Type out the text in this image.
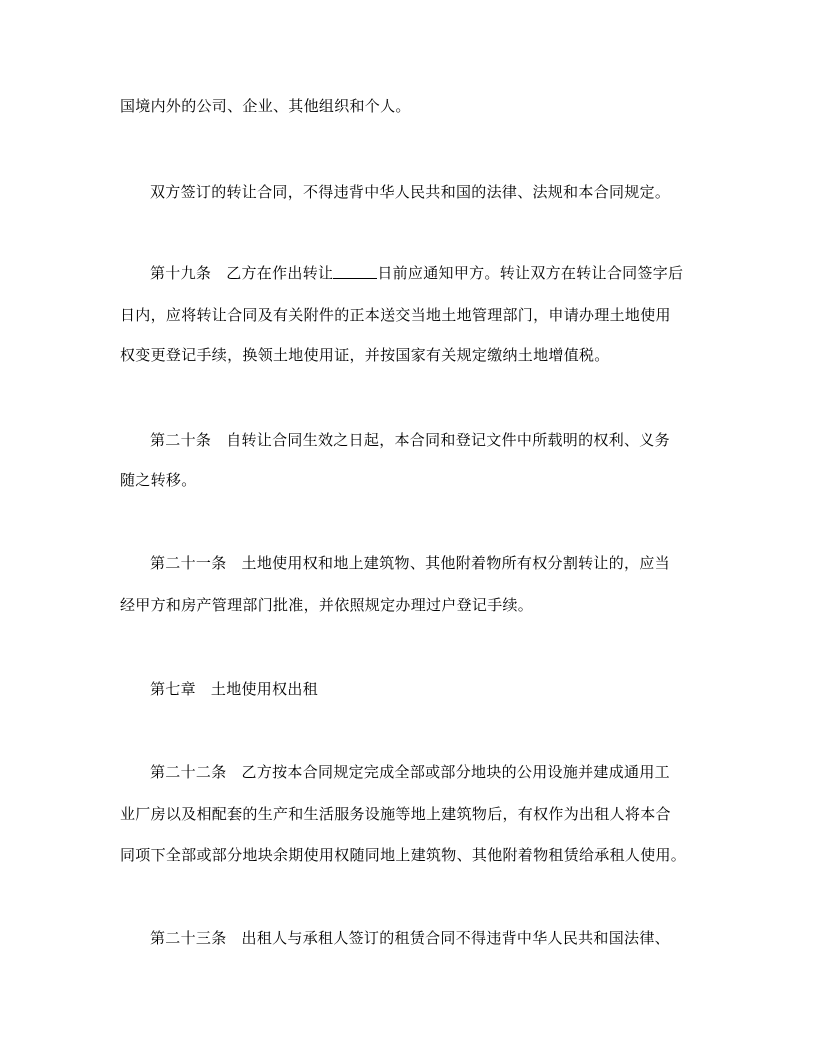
国境内外的公司、企业、其他组织和个人。
双方签订的转让合同，不得违背中华人民共和国的法律、法规和本合同规定。
第十九条 乙方在作出转让	日前应通知甲方。转让双方在转让合同签字后
日内，应将转让合同及有关附件的正本送交当地土地管理部门，申请办理土地使用
权变更登记手续，换领土地使用证，并按国家有关规定缴纳土地增值税。
第二十条 自转让合同生效之日起，本合同和登记文件中所载明的权利、义务
随之转移。
第二十一条 土地使用权和地上建筑物、其他附着物所有权分割转让的，应当
经甲方和房产管理部门批准，并依照规定办理过户登记手续。
第七章 土地使用权出租
第二十二条 乙方按本合同规定完成全部或部分地块的公用设施并建成通用工
业厂房以及相配套的生产和生活服务设施等地上建筑物后，有权作为出租人将本合
同项下全部或部分地块余期使用权随同地上建筑物、其他附着物租赁给承租人使用。
第二十三条 出租人与承租人签订的租赁合同不得违背中华人民共和国法律、
